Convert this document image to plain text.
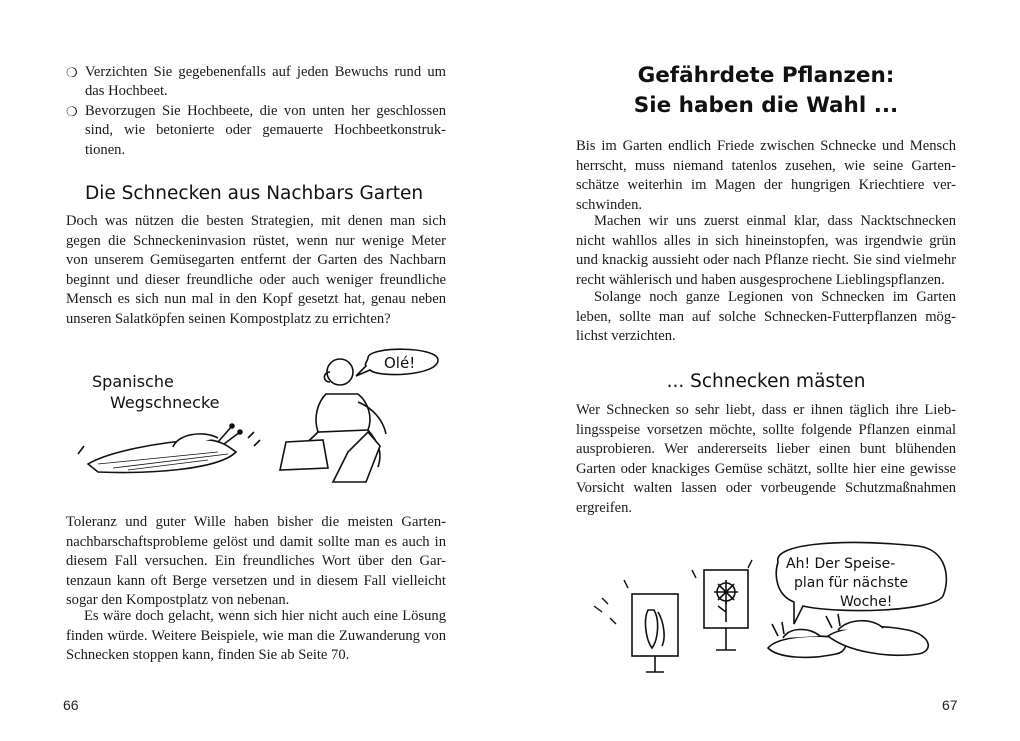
❍ Verzichten Sie gegebenenfalls auf jeden Bewuchs rund um das Hochbeet.
❍ Bevorzugen Sie Hochbeete, die von unten her geschlossen sind, wie betonierte oder gemauerte Hochbeetkonstruk-tionen.
Die Schnecken aus Nachbars Garten

Doch was nützen die besten Strategien, mit denen man sich gegen die Schneckeninvasion rüstet, wenn nur wenige Meter von unserem Gemüsegarten entfernt der Garten des Nachbarn beginnt und dieser freundliche oder auch weniger freundliche Mensch es sich nun mal in den Kopf gesetzt hat, genau neben unseren Salatköpfen seinen Kompostplatz zu errichten?

Spanische
Wegschnecke
Olé!

Toleranz und guter Wille haben bisher die meisten Garten-nachbarschaftsprobleme gelöst und damit sollte man es auch in diesem Fall versuchen. Ein freundliches Wort über den Gar-tenzaun kann oft Berge versetzen und in diesem Fall vielleicht sogar den Kompostplatz von nebenan.

Es wäre doch gelacht, wenn sich hier nicht auch eine Lösung finden würde. Weitere Beispiele, wie man die Zuwanderung von Schnecken stoppen kann, finden Sie ab Seite 70.

66
Gefährdete Pflanzen:
Sie haben die Wahl ...

Bis im Garten endlich Friede zwischen Schnecke und Mensch herrscht, muss niemand tatenlos zusehen, wie seine Garten-schätze weiterhin im Magen der hungrigen Kriechtiere ver-schwinden.

Machen wir uns zuerst einmal klar, dass Nacktschnecken nicht wahllos alles in sich hineinstopfen, was irgendwie grün und knackig aussieht oder nach Pflanze riecht. Sie sind vielmehr recht wählerisch und haben ausgesprochene Lieblingspflanzen.

Solange noch ganze Legionen von Schnecken im Garten leben, sollte man auf solche Schnecken-Futterpflanzen mög-lichst verzichten.

... Schnecken mästen

Wer Schnecken so sehr liebt, dass er ihnen täglich ihre Lieb-lingsspeise vorsetzen möchte, sollte folgende Pflanzen einmal ausprobieren. Wer andererseits lieber einen bunt blühenden Garten oder knackiges Gemüse schätzt, sollte hier eine gewisse Vorsicht walten lassen oder vorbeugende Schutzmaßnahmen ergreifen.

Ah! Der Speise-
plan für nächste
Woche!
67
